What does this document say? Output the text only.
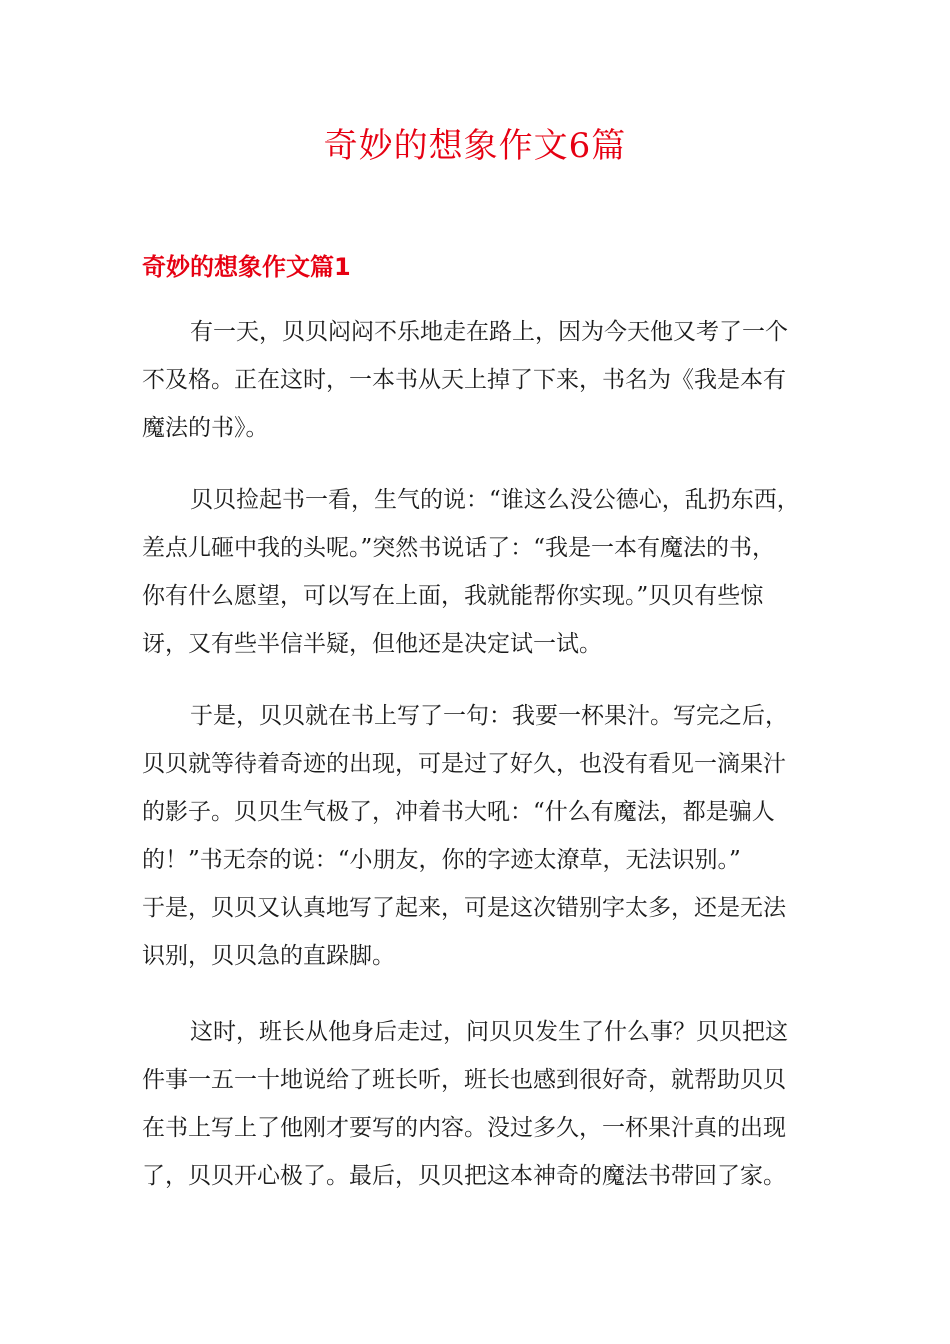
奇妙的想象作文6篇
奇妙的想象作文篇1
有一天，贝贝闷闷不乐地走在路上，因为今天他又考了一个
不及格。正在这时，一本书从天上掉了下来，书名为《我是本有
魔法的书》。
贝贝捡起书一看，生气的说：“谁这么没公德心，乱扔东西，
差点儿砸中我的头呢。”突然书说话了：“我是一本有魔法的书，
你有什么愿望，可以写在上面，我就能帮你实现。”贝贝有些惊
讶，又有些半信半疑，但他还是决定试一试。
于是，贝贝就在书上写了一句：我要一杯果汁。写完之后，
贝贝就等待着奇迹的出现，可是过了好久，也没有看见一滴果汁
的影子。贝贝生气极了，冲着书大吼：“什么有魔法，都是骗人
的！”书无奈的说：“小朋友，你的字迹太潦草，无法识别。”
于是，贝贝又认真地写了起来，可是这次错别字太多，还是无法
识别，贝贝急的直跺脚。
这时，班长从他身后走过，问贝贝发生了什么事？贝贝把这
件事一五一十地说给了班长听，班长也感到很好奇，就帮助贝贝
在书上写上了他刚才要写的内容。没过多久，一杯果汁真的出现
了，贝贝开心极了。最后，贝贝把这本神奇的魔法书带回了家。
